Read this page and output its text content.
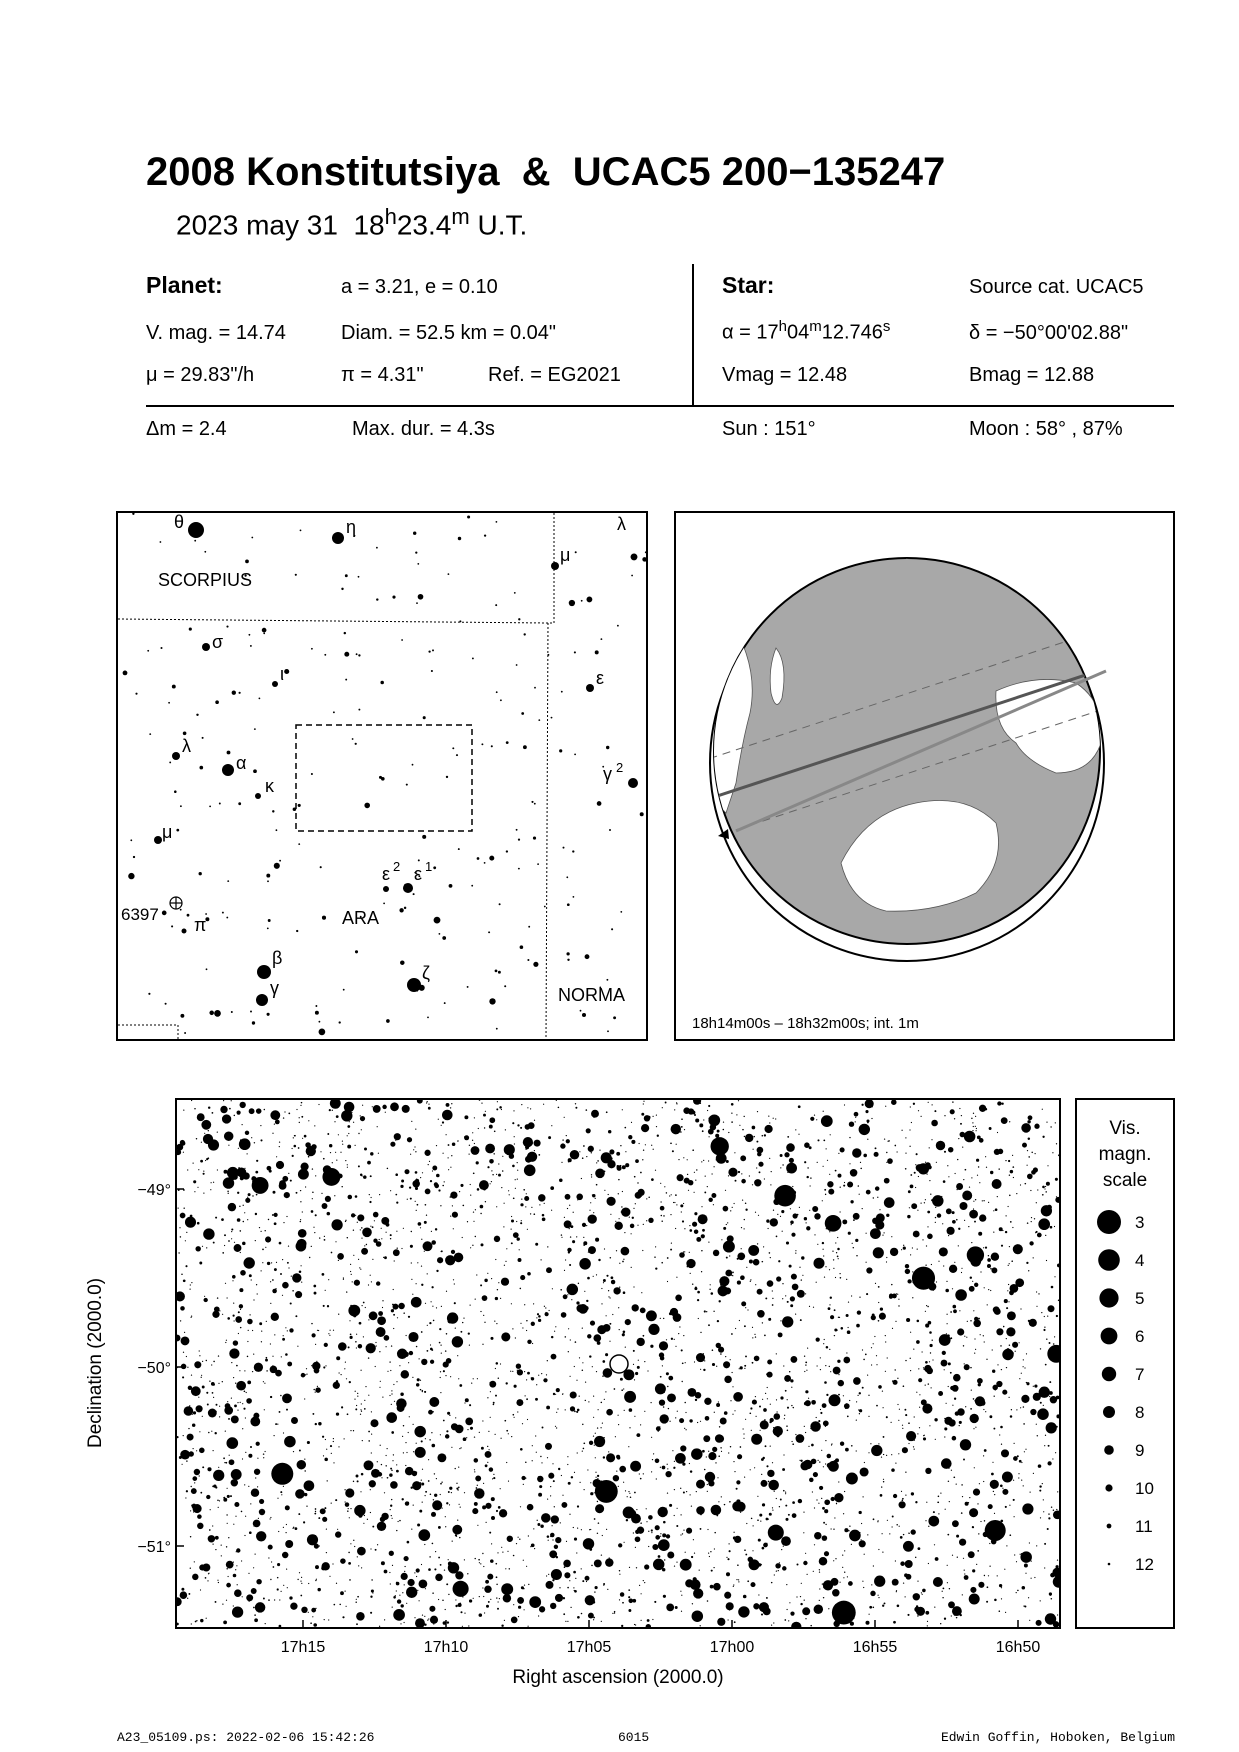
2008 Konstitutsiya  &  UCAC5 200−135247
2023 may 31 18$^h$23.4$^m$ U.T.
Planet:	a = 3.21, e = 0.10
V. mag. = 14.74	Diam. = 52.5 km = 0.04"
μ = 29.83"/h	π = 4.31"	Ref. = EG2021
Star:	Source cat. UCAC5
$\alpha = 17^h04^m12.746^s$	δ = −50°00'02.88"
Vmag = 12.48	Bmag = 12.88
Δm = 2.4	Max. dur. = 4.3s	Sun : 151°	Moon : 58° , 87%
6397
SCORPIUS
ARA
NORMA
θ	η	λ
μ
σ
ι	ε
λ
α
κ
γ 2
μ
ε 2 ε 1
π
β
γ
ζ
18h14m00s – 18h32m00s; int. 1m
−49°
−50°
−51°
17h15	17h10	17h05	17h00	16h55	16h50
Right ascension (2000.0)
Declination (2000.0)
Vis.
magn.
scale
3
4
5
6
7
8
9
10
11
12
A23_05109.ps: 2022-02-06 15:42:26	6015	Edwin Goffin, Hoboken, Belgium
